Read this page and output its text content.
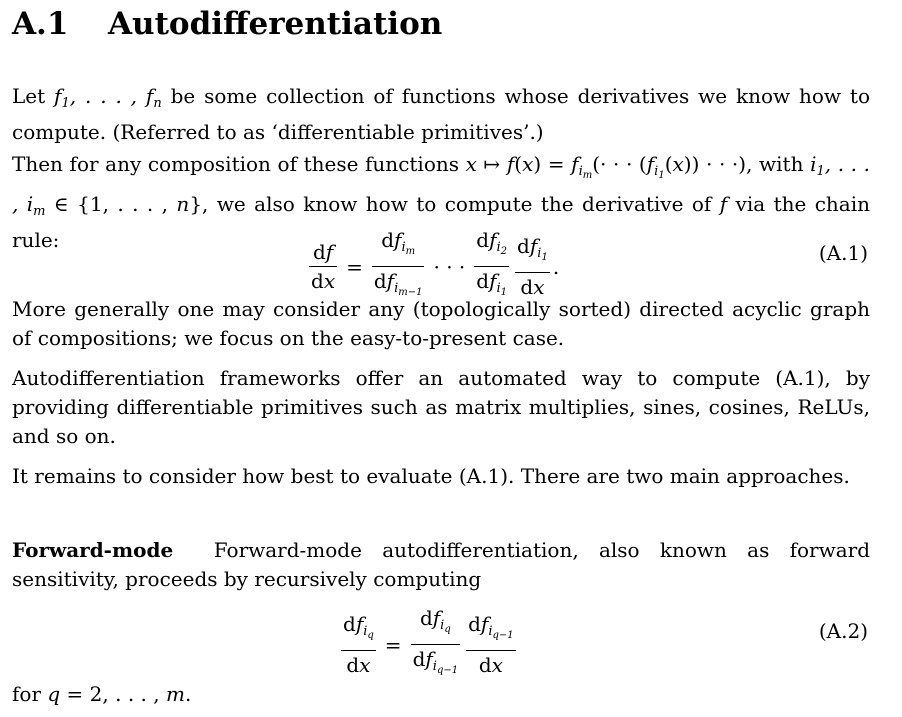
A.1 Autodifferentiation

Let $f_1$, . . . , $f_n$ be some collection of functions whose derivatives we know how to compute. (Referred to as ‘differentiable primitives’.)

Then for any composition of these functions x ↦ $f(x) = f_{i_m}(\cdot$ · · $(f_{i_1}(x))$ · · ·), with $i_1$, . . . , $i_m$ ∈ {1, . . . , n}, we also know how to compute the derivative of f via the chain rule:	$\frac{df}{dx} = \frac{df_{i_m}}{df_{i_{m-1}}}$ · · · $\frac{df_{i_2}}{df_{i_1}} \frac{df_{i_1}}{dx}$ .
(A.1)

More generally one may consider any (topologically sorted) directed acyclic graph of compositions; we focus on the easy-to-present case.

Autodifferentiation frameworks offer an automated way to compute (A.1), by providing differentiable primitives such as matrix multiplies, sines, cosines, ReLUs, and so on.

It remains to consider how best to evaluate (A.1). There are two main approaches.

Forward-mode Forward-mode autodifferentiation, also known as forward sensitivity, proceeds by recursively computing

$\frac{df_{i_q}}{dx} = \frac{df_{i_q}}{df_{i_{q-1}}} \frac{df_{i_{q-1}}}{dx}$	(A.2)

for q = 2, . . . , m.
